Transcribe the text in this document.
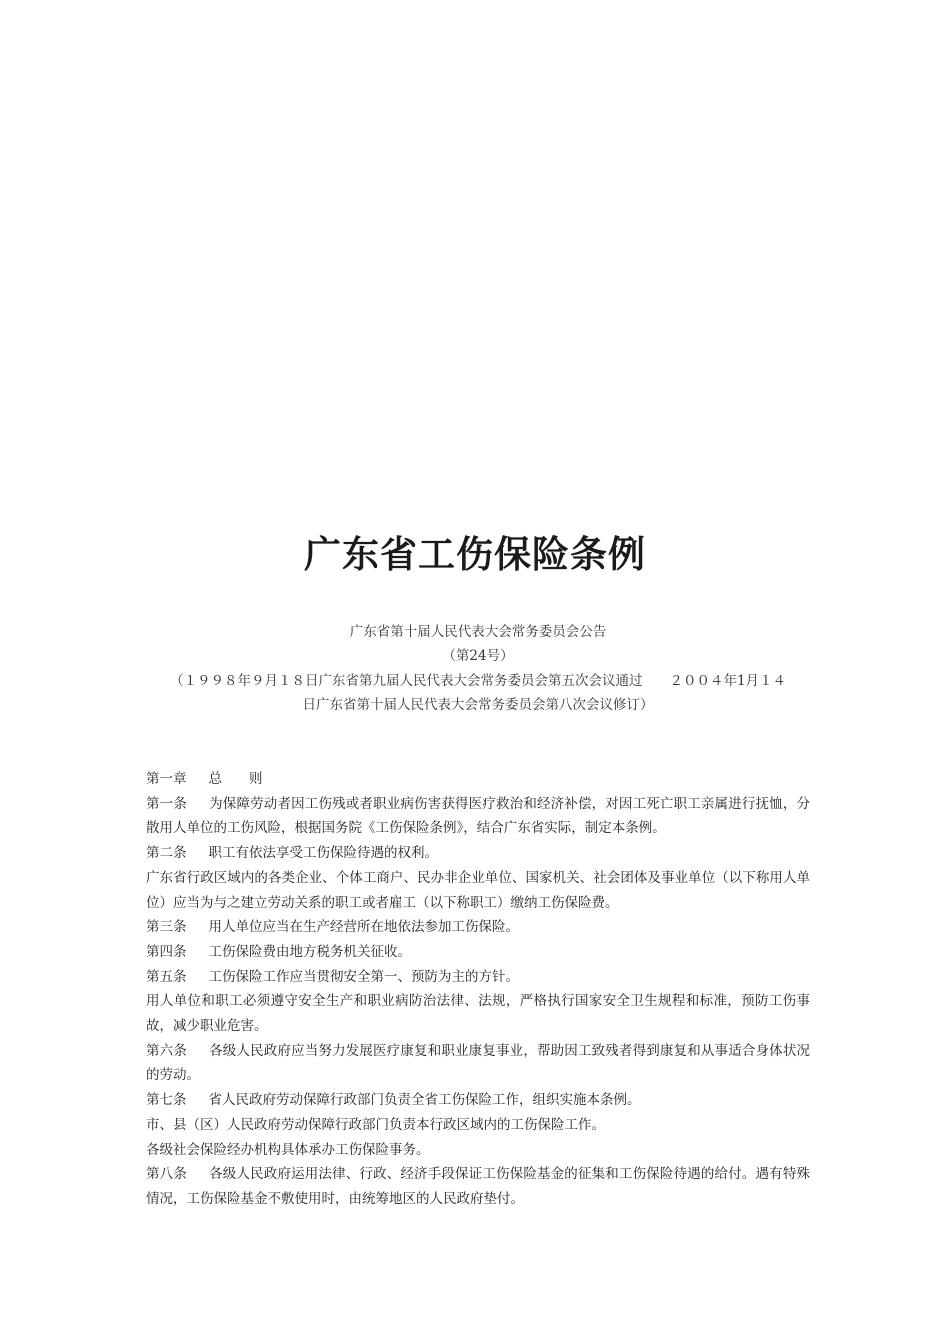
广东省工伤保险条例
广东省第十届人民代表大会常务委员会公告
（第24号）
（１９９８年９月１８日广东省第九届人民代表大会常务委员会第五次会议通过　　２００４年1月１４
日广东省第十届人民代表大会常务委员会第八次会议修订）

第一章 总　　则

第一条 为保障劳动者因工伤残或者职业病伤害获得医疗救治和经济补偿，对因工死亡职工亲属进行抚恤，分散用人单位的工伤风险，根据国务院《工伤保险条例》，结合广东省实际，制定本条例。

第二条 职工有依法享受工伤保险待遇的权利。

广东省行政区域内的各类企业、个体工商户、民办非企业单位、国家机关、社会团体及事业单位（以下称用人单位）应当为与之建立劳动关系的职工或者雇工（以下称职工）缴纳工伤保险费。

第三条 用人单位应当在生产经营所在地依法参加工伤保险。

第四条 工伤保险费由地方税务机关征收。

第五条 工伤保险工作应当贯彻安全第一、预防为主的方针。

用人单位和职工必须遵守安全生产和职业病防治法律、法规，严格执行国家安全卫生规程和标准，预防工伤事故，减少职业危害。

第六条 各级人民政府应当努力发展医疗康复和职业康复事业，帮助因工致残者得到康复和从事适合身体状况的劳动。

第七条 省人民政府劳动保障行政部门负责全省工伤保险工作，组织实施本条例。

市、县（区）人民政府劳动保障行政部门负责本行政区域内的工伤保险工作。

各级社会保险经办机构具体承办工伤保险事务。

第八条 各级人民政府运用法律、行政、经济手段保证工伤保险基金的征集和工伤保险待遇的给付。遇有特殊情况，工伤保险基金不敷使用时，由统筹地区的人民政府垫付。
